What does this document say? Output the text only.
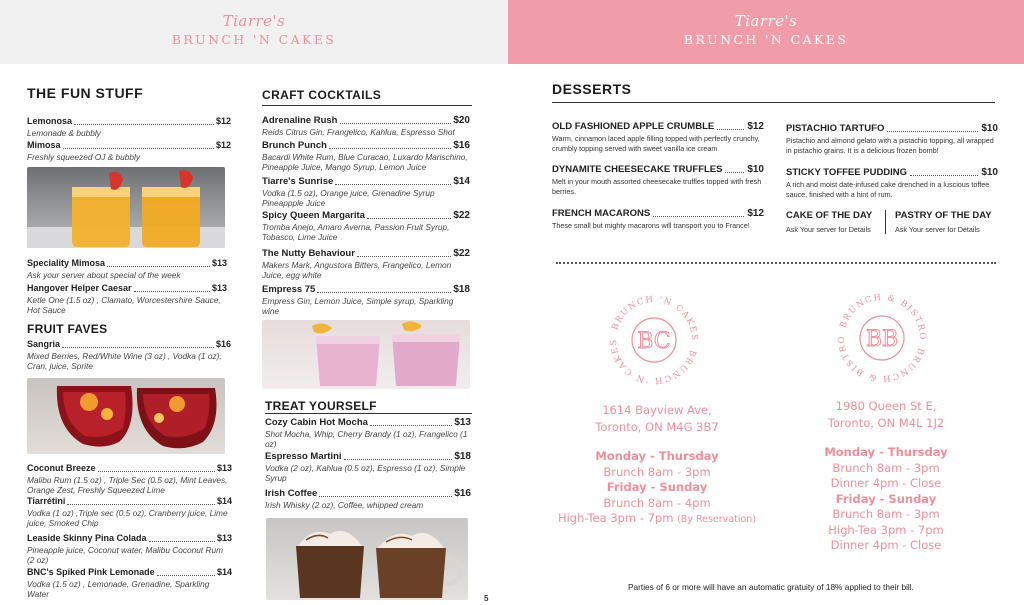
Tiarre's
BRUNCH 'N CAKES
Tiarre's
BRUNCH 'N CAKES
THE FUN STUFF
Lemonosa	$12
Lemonade & bubbly
Mimosa	$12
Freshly squeezed OJ & bubbly
Speciality Mimosa	$13
Ask your server about special of the week
Hangover Helper Caesar	$13
Ketle One (1.5 oz) , Clamato, Worcestershire Sauce, Hot Sauce
FRUIT FAVES
Sangria	$16
Mixed Berries, Red/White Wine (3 oz) , Vodka (1 oz), Cran, juice, Sprite
Coconut Breeze	$13
Malibu Rum (1.5 oz) , Triple Sec (0.5 oz), Mint Leaves, Orange Zest, Freshly Squeezed Lime
Tiarrétini	$14
Vodka (1 oz) ,Triple sec (0.5 oz), Cranberry juice, Lime juice, Smoked Chip
Leaside Skinny Pina Colada	$13
Pineapple juice, Coconut water, Malibu Coconut Rum (2 oz)
BNC's Spiked Pink Lemonade	$14
Vodka (1.5 oz) , Lemonade, Grenadine, Sparkling Water
CRAFT COCKTAILS
Adrenaline Rush	$20
Reids Citrus Gin, Frangelico, Kahlua, Espresso Shot
Brunch Punch	$16
Bacardi White Rum, Blue Curacao, Luxardo Marischino, Pineapple Juice, Mango Syrup, Lemon Juice
Tiarre's Sunrise	$14
Vodka (1.5 oz), Orange juice, Grenadine Syrup Pineappple Juice
Spicy Queen Margarita	$22
Tromba Anejo, Amaro Averna, Passion Fruit Syrup, Tobasco, Lime Juice
The Nutty Behaviour	$22
Makers Mark, Angustora Bitters, Frangelico, Lemon Juice, egg white
Empress 75	$18
Empress Gin, Lemon Juice, Simple syrup, Sparkling wine
TREAT YOURSELF
Cozy Cabin Hot Mocha	$13
Shot Mocha, Whip, Cherry Brandy (1 oz), Frangelico (1 oz)
Espresso Martini	$18
Vodka (2 oz), Kahlua (0.5 oz), Espresso (1 oz), Simple Syrup
Irish Coffee	$16
Irish Whisky (2 oz), Coffee, whipped cream
5
DESSERTS
OLD FASHIONED APPLE CRUMBLE	$12
Warm, cinnamon laced apple filling topped with perfectly crunchy, crumbly topping served with sweet vanilla ice cream
DYNAMITE CHEESECAKE TRUFFLES $10
Melt in your mouth assorted cheesecake truffles topped with fresh berries.
FRENCH MACARONS	$12
These small but mighty macarons will transport you to France!
PISTACHIO TARTUFO	$10
Pistachio and almond gelato with a pistachio topping, all wrapped in pistachio grains. It is a delicious frozen bomb!
STICKY TOFFEE PUDDING	$10
A rich and moist date-infused cake drenched in a luscious toffee sauce, finished with a hint of rum.
CAKE OF THE DAY
Ask Your server for Details
PASTRY OF THE DAY
Ask Your server for Details
BRUNCH 'N CAKES
BRUNCH 'N CAKES BC
BRUNCH & BISTRO
BRUNCH & BISTRO BB
1614 Bayview Ave,
Toronto, ON M4G 3B7
Monday - Thursday
Brunch 8am - 3pm
Friday - Sunday
Brunch 8am - 4pm
High-Tea 3pm - 7pm (By Reservation)
1980 Queen St E,
Toronto, ON M4L 1J2
Monday - Thursday
Brunch 8am - 3pm
Dinner 4pm - Close
Friday - Sunday
Brunch 8am - 3pm
High-Tea 3pm - 7pm
Dinner 4pm - Close
Parties of 6 or more will have an automatic gratuity of 18% applied to their bill.
